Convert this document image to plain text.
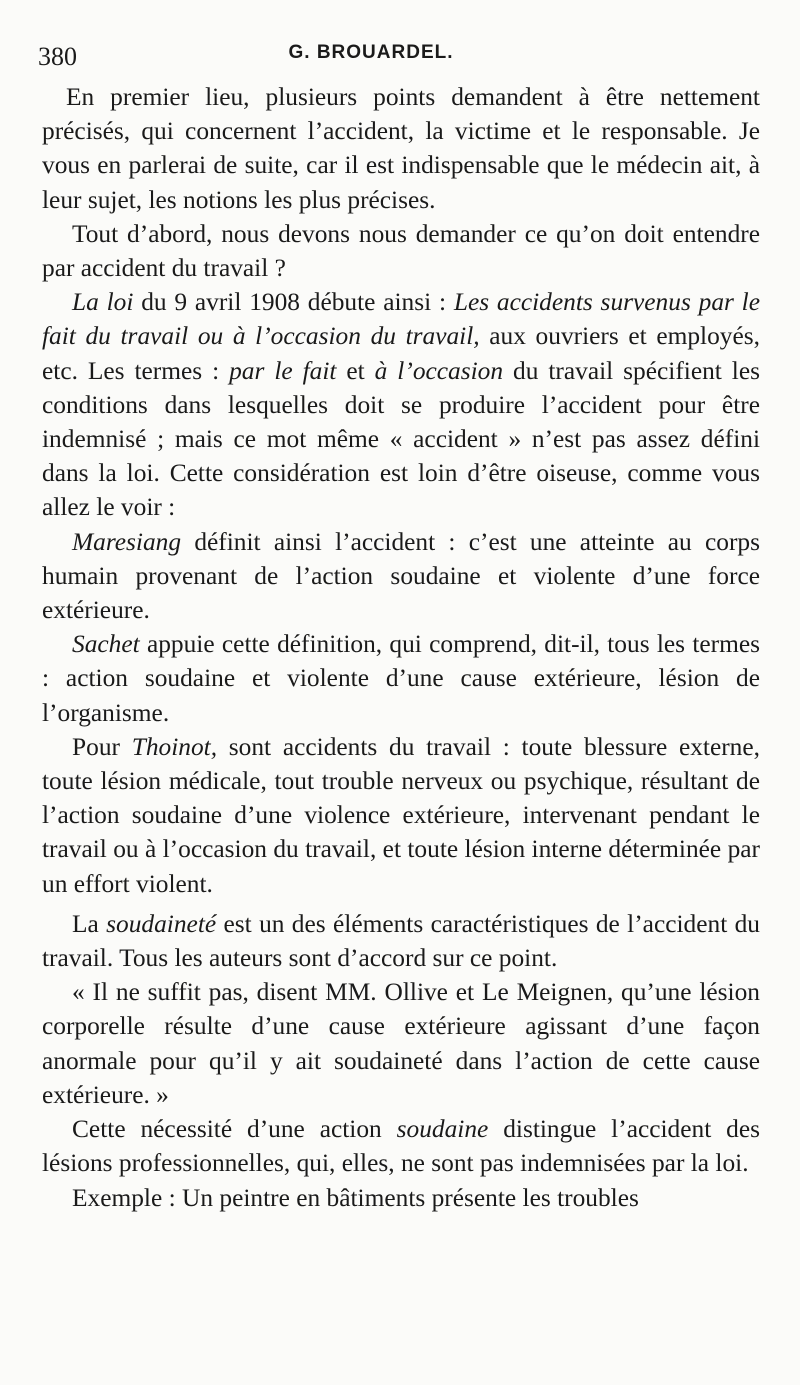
380	G. BROUARDEL.

En premier lieu, plusieurs points demandent à être nettement précisés, qui concernent l’accident, la victime et le responsable. Je vous en parlerai de suite, car il est indispensable que le médecin ait, à leur sujet, les notions les plus précises.

Tout d’abord, nous devons nous demander ce qu’on doit entendre par accident du travail ?

La loi du 9 avril 1908 débute ainsi : Les accidents survenus par le fait du travail ou à l’occasion du travail, aux ouvriers et employés, etc. Les termes : par le fait et à l’occasion du travail spécifient les conditions dans lesquelles doit se produire l’accident pour être indemnisé ; mais ce mot même « accident » n’est pas assez défini dans la loi. Cette considération est loin d’être oiseuse, comme vous allez le voir :

Maresiang définit ainsi l’accident : c’est une atteinte au corps humain provenant de l’action soudaine et violente d’une force extérieure.

Sachet appuie cette définition, qui comprend, dit-il, tous les termes : action soudaine et violente d’une cause extérieure, lésion de l’organisme.

Pour Thoinot, sont accidents du travail : toute blessure externe, toute lésion médicale, tout trouble nerveux ou psychique, résultant de l’action soudaine d’une violence extérieure, intervenant pendant le travail ou à l’occasion du travail, et toute lésion interne déterminée par un effort violent.

La soudaineté est un des éléments caractéristiques de l’accident du travail. Tous les auteurs sont d’accord sur ce point.

« Il ne suffit pas, disent MM. Ollive et Le Meignen, qu’une lésion corporelle résulte d’une cause extérieure agissant d’une façon anormale pour qu’il y ait soudaineté dans l’action de cette cause extérieure. »

Cette nécessité d’une action soudaine distingue l’accident des lésions professionnelles, qui, elles, ne sont pas indemnisées par la loi.

Exemple : Un peintre en bâtiments présente les troubles
